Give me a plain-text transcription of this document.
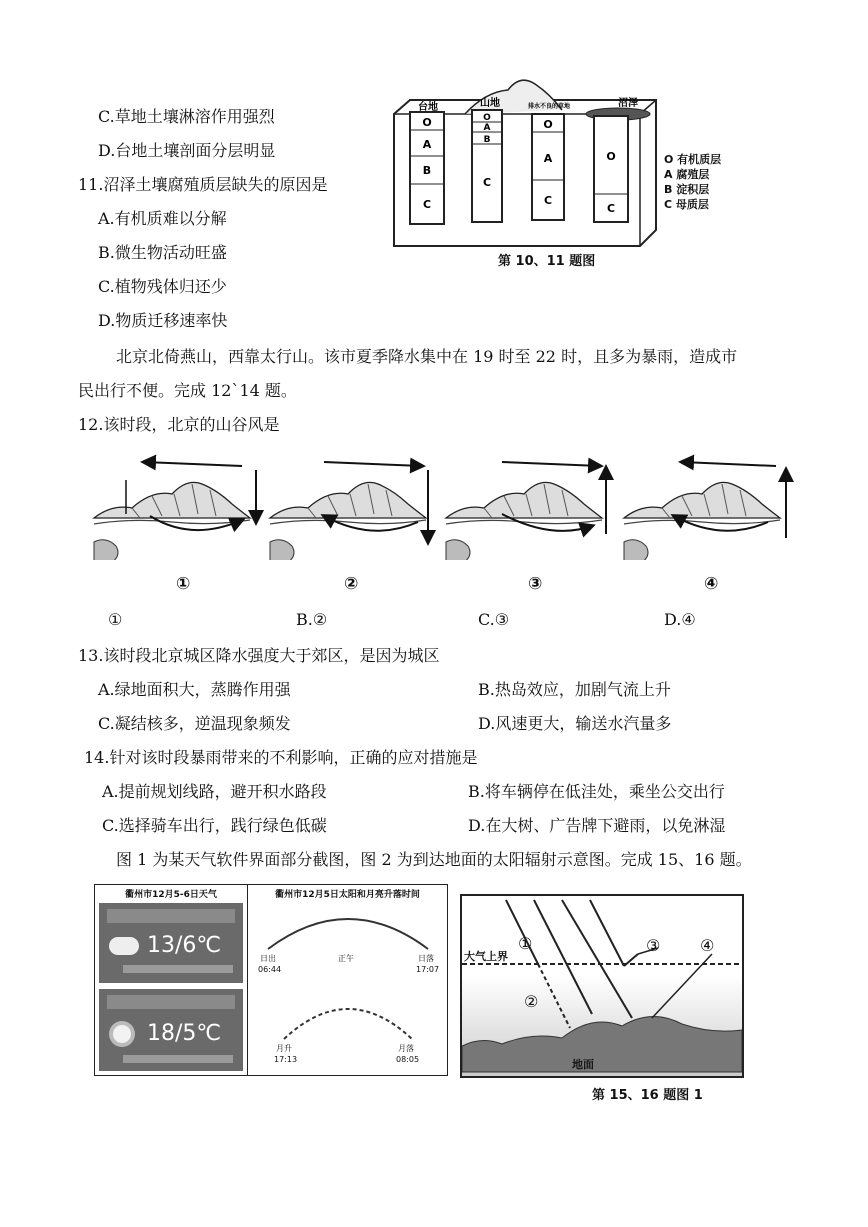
C.草地土壤淋溶作用强烈
D.台地土壤剖面分层明显
11.沼泽土壤腐殖质层缺失的原因是
A.有机质难以分解
B.微生物活动旺盛
C.植物残体归还少
D.物质迁移速率快
O
A
B
C
O
A
B
C
O
A
C
O
C
台地	山地	排水不良的草地	沼泽
O 有机质层
A 腐殖层
B 淀积层
C 母质层
第 10、11 题图
北京北倚燕山，西靠太行山。该市夏季降水集中在 19 时至 22 时，且多为暴雨，造成市
民出行不便。完成 12`14 题。
12.该时段，北京的山谷风是
①	②	③	④
①	B.②	C.③	D.④
13.该时段北京城区降水强度大于郊区，是因为城区
A.绿地面积大，蒸腾作用强	B.热岛效应，加剧气流上升
C.凝结核多，逆温现象频发	D.风速更大，输送水汽量多
14.针对该时段暴雨带来的不利影响，正确的应对措施是
A.提前规划线路，避开积水路段	B.将车辆停在低洼处，乘坐公交出行
C.选择骑车出行，践行绿色低碳	D.在大树、广告牌下避雨，以免淋湿
图 1 为某天气软件界面部分截图，图 2 为到达地面的太阳辐射示意图。完成 15、16 题。
衢州市12月5-6日天气
13/6℃
18/5℃
衢州市12月5日太阳和月亮升落时间
日出
06:44
正午	日落
17:07
月升
17:13
月落
08:05
①
②
③ ④
大气上界
地面
第 15、16 题图 1
